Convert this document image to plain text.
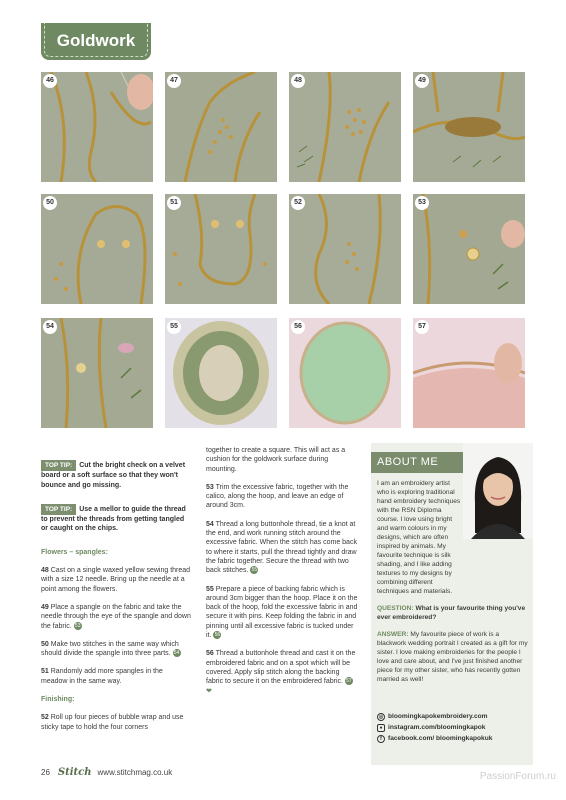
Goldwork
46	47	48	49
50	51	52	53
54	55	56	57
TOP TIP: Cut the bright check on a velvet board or a soft surface so that they won't bounce and go missing.
TOP TIP: Use a mellor to guide the thread to prevent the threads from getting tangled or caught on the chips.

Flowers – spangles:

48 Cast on a single waxed yellow sewing thread with a size 12 needle. Bring up the needle at a point among the flowers.

49 Place a spangle on the fabric and take the needle through the eye of the spangle and down the fabric. 53

50 Make two stitches in the same way which should divide the spangle into three parts. 54

51 Randomly add more spangles in the meadow in the same way.

Finishing:

52 Roll up four pieces of bubble wrap and use sticky tape to hold the four corners

together to create a square. This will act as a cushion for the goldwork surface during mounting.

53 Trim the excessive fabric, together with the calico, along the hoop, and leave an edge of around 3cm.

54 Thread a long buttonhole thread, tie a knot at the end, and work running stitch around the excessive fabric. When the stitch has come back to where it starts, pull the thread tightly and draw the fabric together. Secure the thread with two back stitches. 55

55 Prepare a piece of backing fabric which is around 3cm bigger than the hoop. Place it on the back of the hoop, fold the excessive fabric in and secure it with pins. Keep folding the fabric in and pinning until all excessive fabric is tucked under it. 56

56 Thread a buttonhole thread and cast it on the embroidered fabric and on a spot which will be covered. Apply slip stitch along the backing fabric to secure it on the embroidered fabric. 57 ❤

ABOUT ME

I am an embroidery artist who is exploring traditional hand embroidery techniques with the RSN Diploma course. I love using bright and warm colours in my designs, which are often inspired by animals. My favourite technique is silk shading, and I like adding textures to my designs by combining different techniques and materials.

QUESTION: What is your favourite thing you've ever embroidered?

ANSWER: My favourite piece of work is a blackwork wedding portrait I created as a gift for my sister. I love making embroideries for the people I love and care about, and I've just finished another piece for my other sister, who has recently gotten married as well!

◎ bloomingkapokembroidery.com
● instagram.com/bloomingkapok
f facebook.com/ bloomingkapokuk
26 Stitch www.stitchmag.co.uk	PassionForum.ru
